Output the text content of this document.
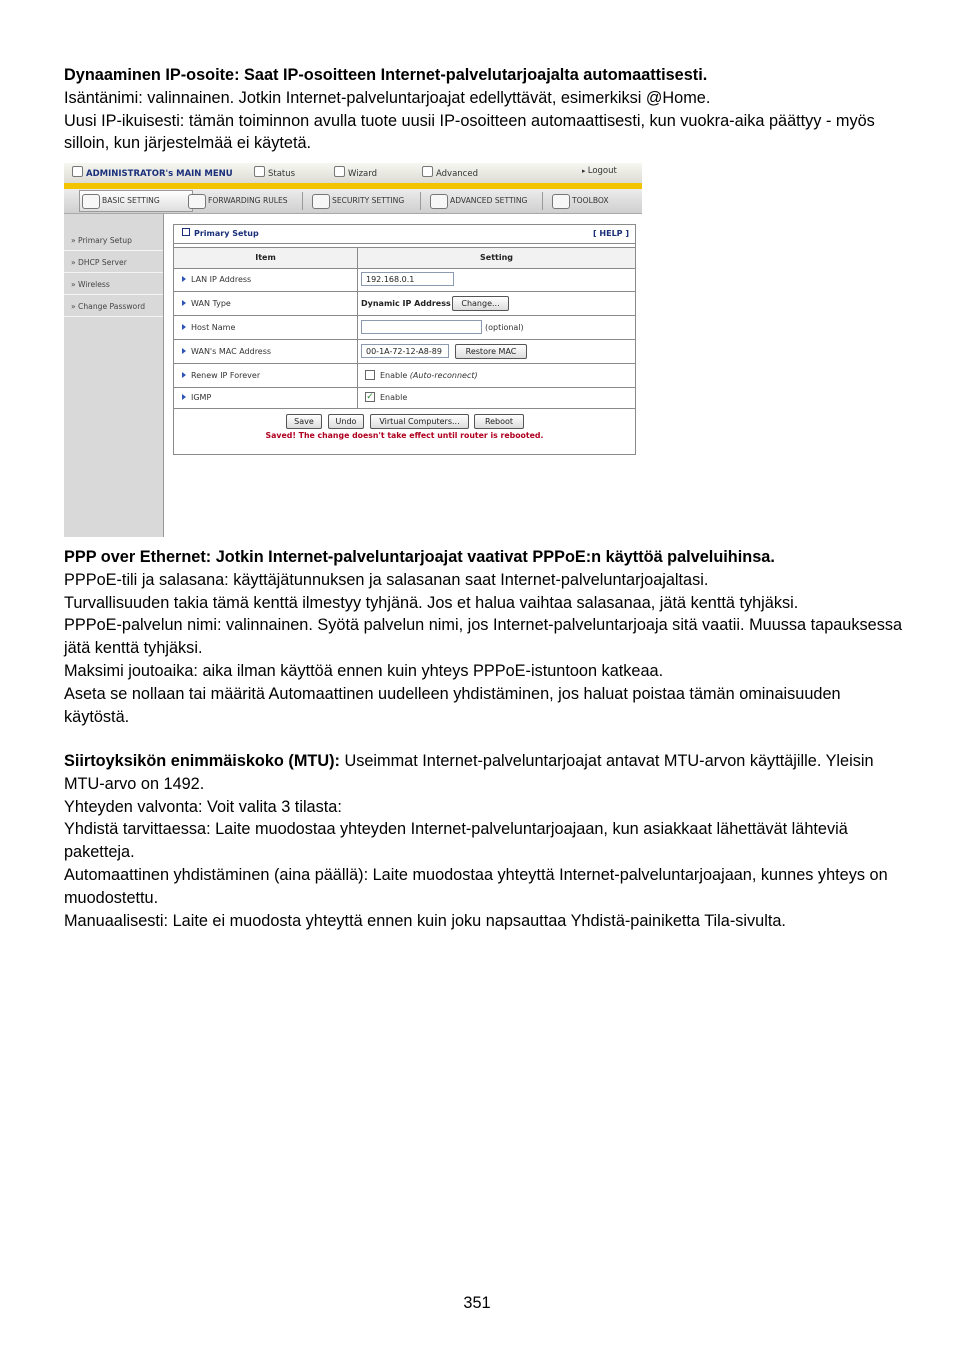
Dynaaminen IP-osoite: Saat IP-osoitteen Internet-palvelutarjoajalta automaattisesti.

Isäntänimi: valinnainen. Jotkin Internet-palveluntarjoajat edellyttävät, esimerkiksi @Home.

Uusi IP-ikuisesti: tämän toiminnon avulla tuote uusii IP-osoitteen automaattisesti, kun vuokra-aika päättyy - myös silloin, kun järjestelmää ei käytetä.

ADMINISTRATOR's MAIN MENU	Status	Wizard	Advanced	▸ Logout
BASIC SETTING	FORWARDING RULES	SECURITY SETTING	ADVANCED SETTING	TOOLBOX
» Primary Setup
» DHCP Server
» Wireless
» Change Password
Primary Setup	[ HELP ]
Item	Setting
LAN IP Address	192.168.0.1
WAN Type	Dynamic IP Address	Change...
Host Name	(optional)
WAN's MAC Address	00-1A-72-12-A8-89	Restore MAC
Renew IP Forever	Enable (Auto-reconnect)
IGMP	✓ Enable
Save	Undo	Virtual Computers...	Reboot
Saved! The change doesn't take effect until router is rebooted.

PPP over Ethernet: Jotkin Internet-palveluntarjoajat vaativat PPPoE:n käyttöä palveluihinsa.

PPPoE-tili ja salasana: käyttäjätunnuksen ja salasanan saat Internet-palveluntarjoajaltasi.

Turvallisuuden takia tämä kenttä ilmestyy tyhjänä. Jos et halua vaihtaa salasanaa, jätä kenttä tyhjäksi.

PPPoE-palvelun nimi: valinnainen. Syötä palvelun nimi, jos Internet-palveluntarjoaja sitä vaatii. Muussa tapauksessa jätä kenttä tyhjäksi.

Maksimi joutoaika: aika ilman käyttöä ennen kuin yhteys PPPoE-istuntoon katkeaa.

Aseta se nollaan tai määritä Automaattinen uudelleen yhdistäminen, jos haluat poistaa tämän ominaisuuden käytöstä.

Siirtoyksikön enimmäiskoko (MTU): Useimmat Internet-palveluntarjoajat antavat MTU-arvon käyttäjille. Yleisin MTU-arvo on 1492.

Yhteyden valvonta: Voit valita 3 tilasta:

Yhdistä tarvittaessa: Laite muodostaa yhteyden Internet-palveluntarjoajaan, kun asiakkaat lähettävät lähteviä paketteja.

Automaattinen yhdistäminen (aina päällä): Laite muodostaa yhteyttä Internet-palveluntarjoajaan, kunnes yhteys on muodostettu.

Manuaalisesti: Laite ei muodosta yhteyttä ennen kuin joku napsauttaa Yhdistä-painiketta Tila-sivulta.

351
